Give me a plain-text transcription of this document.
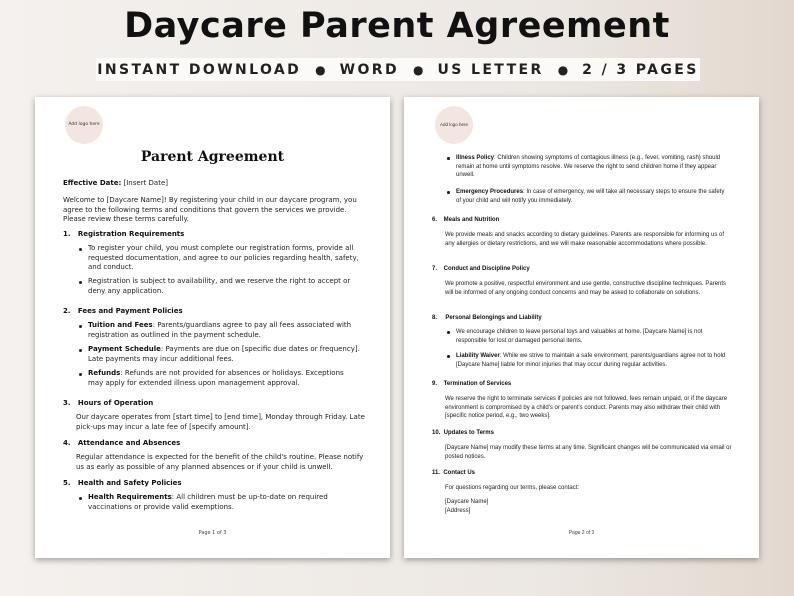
Daycare Parent Agreement
INSTANT DOWNLOAD ● WORD ● US LETTER ● 2 / 3 PAGES
Add logo here
Parent Agreement
Effective Date: [Insert Date]
Welcome to [Daycare Name]! By registering your child in our daycare program, you agree to the following terms and conditions that govern the services we provide. Please review these terms carefully.
1.   Registration Requirements
To register your child, you must complete our registration forms, provide all requested documentation, and agree to our policies regarding health, safety, and conduct.
Registration is subject to availability, and we reserve the right to accept or deny any application.
2.   Fees and Payment Policies
Tuition and Fees: Parents/guardians agree to pay all fees associated with registration as outlined in the payment schedule.
Payment Schedule: Payments are due on [specific due dates or frequency]. Late payments may incur additional fees.
Refunds: Refunds are not provided for absences or holidays. Exceptions may apply for extended illness upon management approval.
3.   Hours of Operation
Our daycare operates from [start time] to [end time], Monday through Friday. Late pick-ups may incur a late fee of [specify amount].
4.   Attendance and Absences
Regular attendance is expected for the benefit of the child's routine. Please notify us as early as possible of any planned absences or if your child is unwell.
5.   Health and Safety Policies
Health Requirements: All children must be up-to-date on required vaccinations or provide valid exemptions.
Page 1 of 3
Add logo here
Illness Policy: Children showing symptoms of contagious illness (e.g., fever, vomiting, rash) should remain at home until symptoms resolve. We reserve the right to send children home if they appear unwell.
Emergency Procedures: In case of emergency, we will take all necessary steps to ensure the safety of your child and will notify you immediately.
6.    Meals and Nutrition
We provide meals and snacks according to dietary guidelines. Parents are responsible for informing us of any allergies or dietary restrictions, and we will make reasonable accommodations where possible.
7.    Conduct and Discipline Policy
We promote a positive, respectful environment and use gentle, constructive discipline techniques. Parents will be informed of any ongoing conduct concerns and may be asked to collaborate on solutions.
8.     Personal Belongings and Liability
We encourage children to leave personal toys and valuables at home. [Daycare Name] is not responsible for lost or damaged personal items.
Liability Waiver: While we strive to maintain a safe environment, parents/guardians agree not to hold [Daycare Name] liable for minor injuries that may occur during regular activities.
9.    Termination of Services
We reserve the right to terminate services if policies are not followed, fees remain unpaid, or if the daycare environment is compromised by a child's or parent's conduct. Parents may also withdraw their child with [specific notice period, e.g., two weeks].
10.  Updates to Terms
[Daycare Name] may modify these terms at any time. Significant changes will be communicated via email or posted notices.
11.  Contact Us
For questions regarding our terms, please contact:
[Daycare Name]
[Address]
Page 2 of 3
